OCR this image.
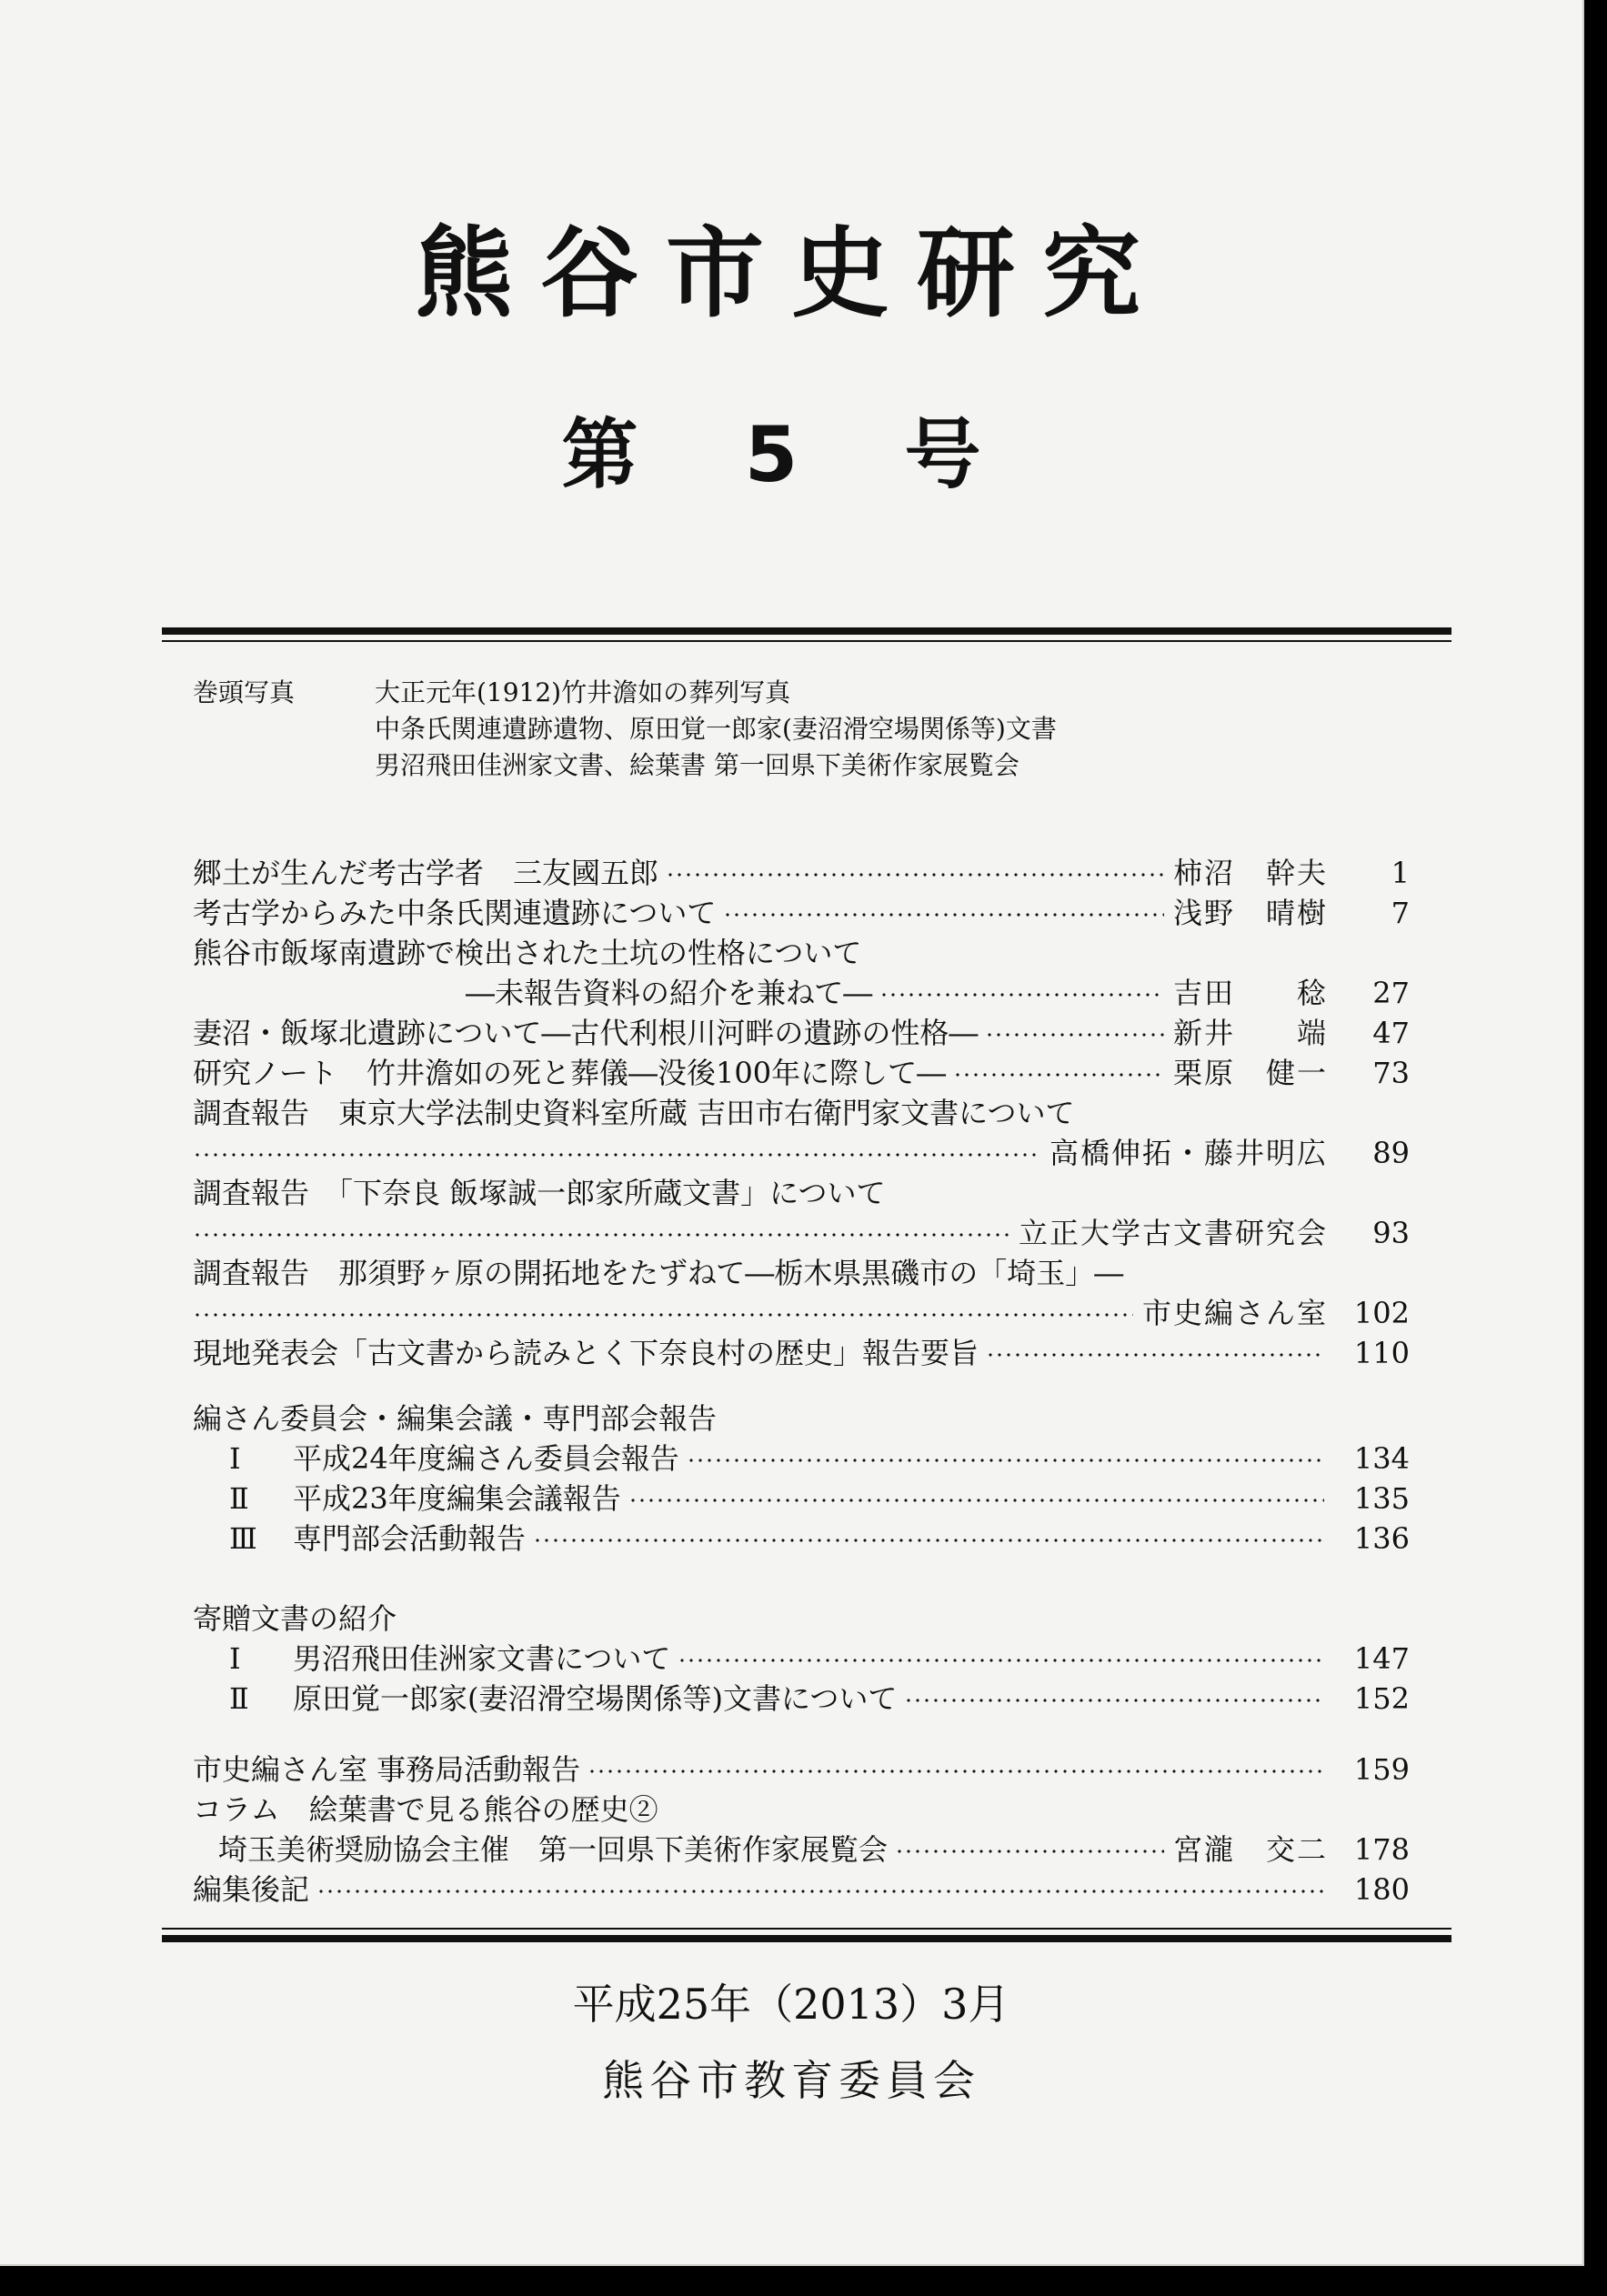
熊谷市史研究
第 5 号
巻頭写真	大正元年(1912)竹井澹如の葬列写真
中条氏関連遺跡遺物、原田覚一郎家(妻沼滑空場関係等)文書
男沼飛田佳洲家文書、絵葉書 第一回県下美術作家展覧会
郷土が生んだ考古学者　三友國五郎	柿沼　幹夫	1
考古学からみた中条氏関連遺跡について	浅野　晴樹	7
熊谷市飯塚南遺跡で検出された土坑の性格について
―未報告資料の紹介を兼ねて―	吉田　　稔	27
妻沼・飯塚北遺跡について―古代利根川河畔の遺跡の性格―	新井　　端	47
研究ノート　竹井澹如の死と葬儀―没後100年に際して―	栗原　健一	73
調査報告　東京大学法制史資料室所蔵 吉田市右衛門家文書について
高橋伸拓・藤井明広	89
調査報告　「下奈良 飯塚誠一郎家所蔵文書」について
立正大学古文書研究会	93
調査報告　那須野ヶ原の開拓地をたずねて―栃木県黒磯市の「埼玉」―
市史編さん室 102
現地発表会「古文書から読みとく下奈良村の歴史」報告要旨	110
編さん委員会・編集会議・専門部会報告
Ⅰ 平成24年度編さん委員会報告	134
Ⅱ 平成23年度編集会議報告	135
Ⅲ 専門部会活動報告	136
寄贈文書の紹介
Ⅰ 男沼飛田佳洲家文書について	147
Ⅱ 原田覚一郎家(妻沼滑空場関係等)文書について	152
市史編さん室 事務局活動報告	159
コラム　絵葉書で見る熊谷の歴史②
埼玉美術奨励協会主催　第一回県下美術作家展覧会	宮瀧　交二 178
編集後記	180
平成25年（2013）3月
熊谷市教育委員会
